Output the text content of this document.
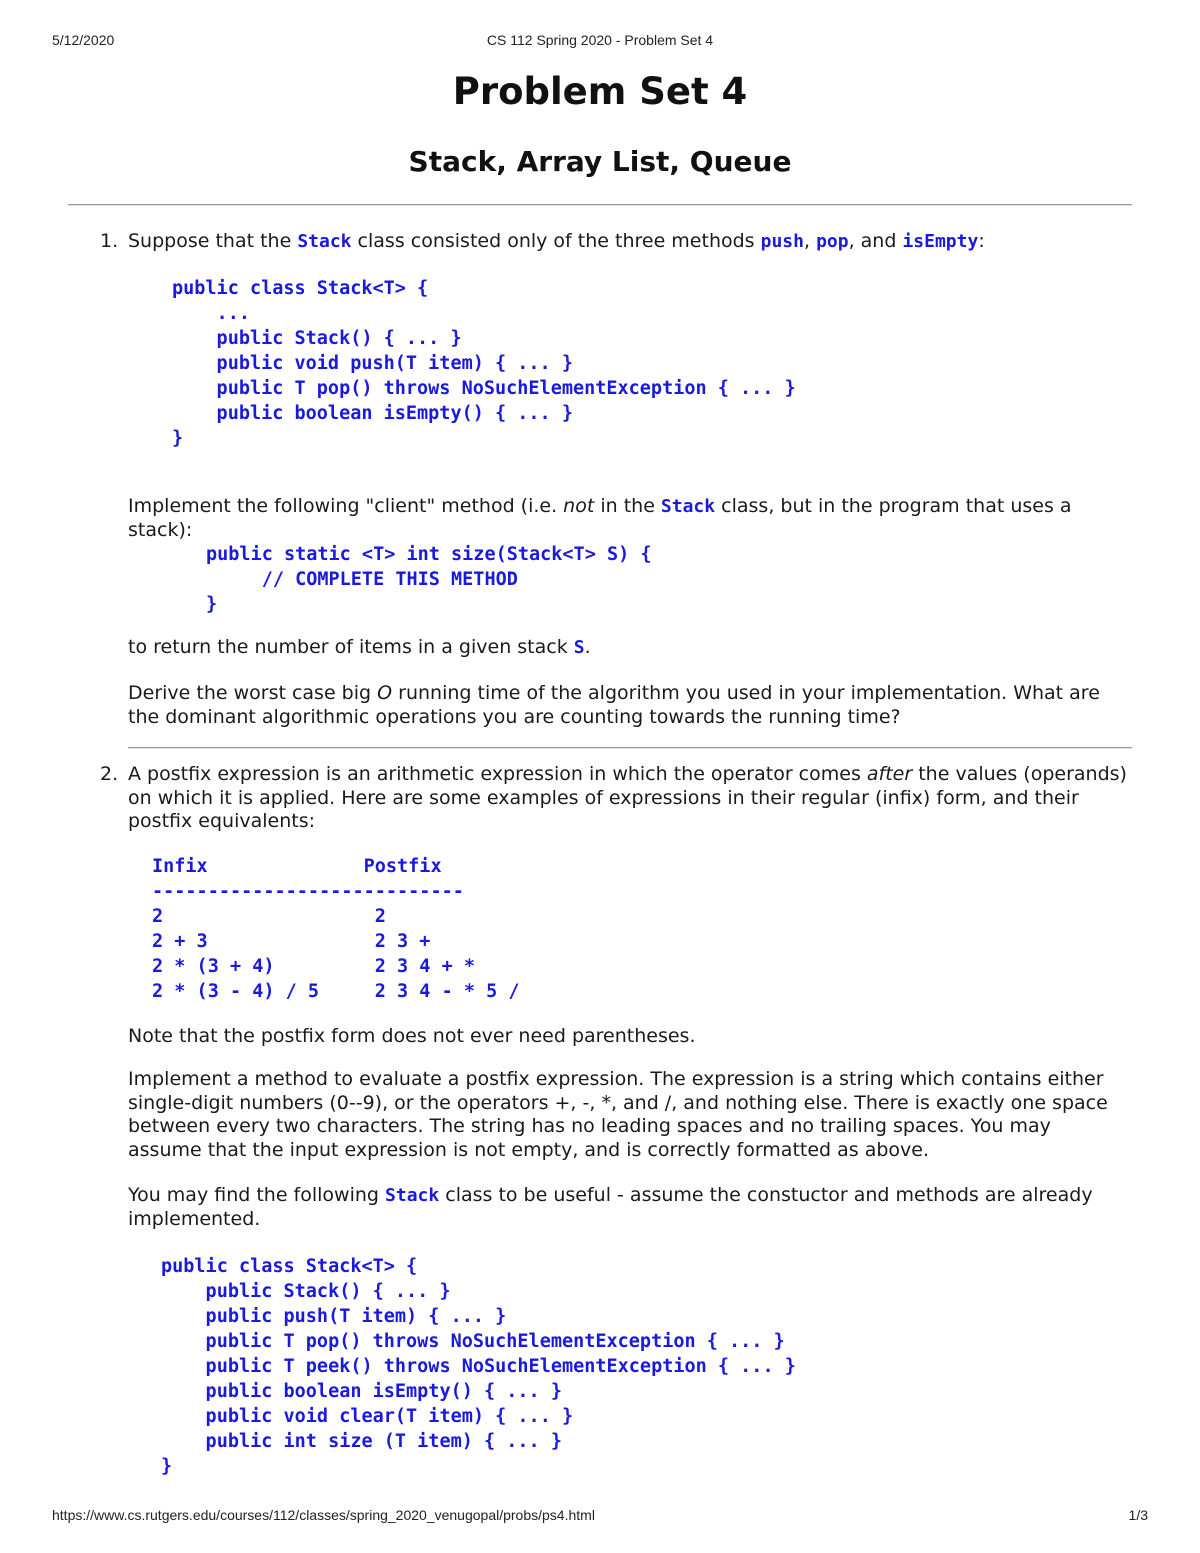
5/12/2020	CS 112 Spring 2020 - Problem Set 4
Problem Set 4
Stack, Array List, Queue
1. Suppose that the Stack class consisted only of the three methods push, pop, and isEmpty:
public class Stack<T> {
...
public Stack() { ... }
public void push(T item) { ... }
public T pop() throws NoSuchElementException { ... }
public boolean isEmpty() { ... }
}
Implement the following "client" method (i.e. not in the Stack class, but in the program that uses a stack):
public static <T> int size(Stack<T> S) {
// COMPLETE THIS METHOD
}
to return the number of items in a given stack S.
Derive the worst case big O running time of the algorithm you used in your implementation. What are the dominant algorithmic operations you are counting towards the running time?
2. A postfix expression is an arithmetic expression in which the operator comes after the values (operands) on which it is applied. Here are some examples of expressions in their regular (infix) form, and their postfix equivalents:
Infix              Postfix
----------------------------
2                   2
2 + 3               2 3 +
2 * (3 + 4)         2 3 4 + *
2 * (3 - 4) / 5     2 3 4 - * 5 /
Note that the postfix form does not ever need parentheses.
Implement a method to evaluate a postfix expression. The expression is a string which contains either single-digit numbers (0--9), or the operators +, -, *, and /, and nothing else. There is exactly one space between every two characters. The string has no leading spaces and no trailing spaces. You may assume that the input expression is not empty, and is correctly formatted as above.
You may find the following Stack class to be useful - assume the constuctor and methods are already implemented.
public class Stack<T> {
public Stack() { ... }
public push(T item) { ... }
public T pop() throws NoSuchElementException { ... }
public T peek() throws NoSuchElementException { ... }
public boolean isEmpty() { ... }
public void clear(T item) { ... }
public int size (T item) { ... }
}
https://www.cs.rutgers.edu/courses/112/classes/spring_2020_venugopal/probs/ps4.html	1/3
